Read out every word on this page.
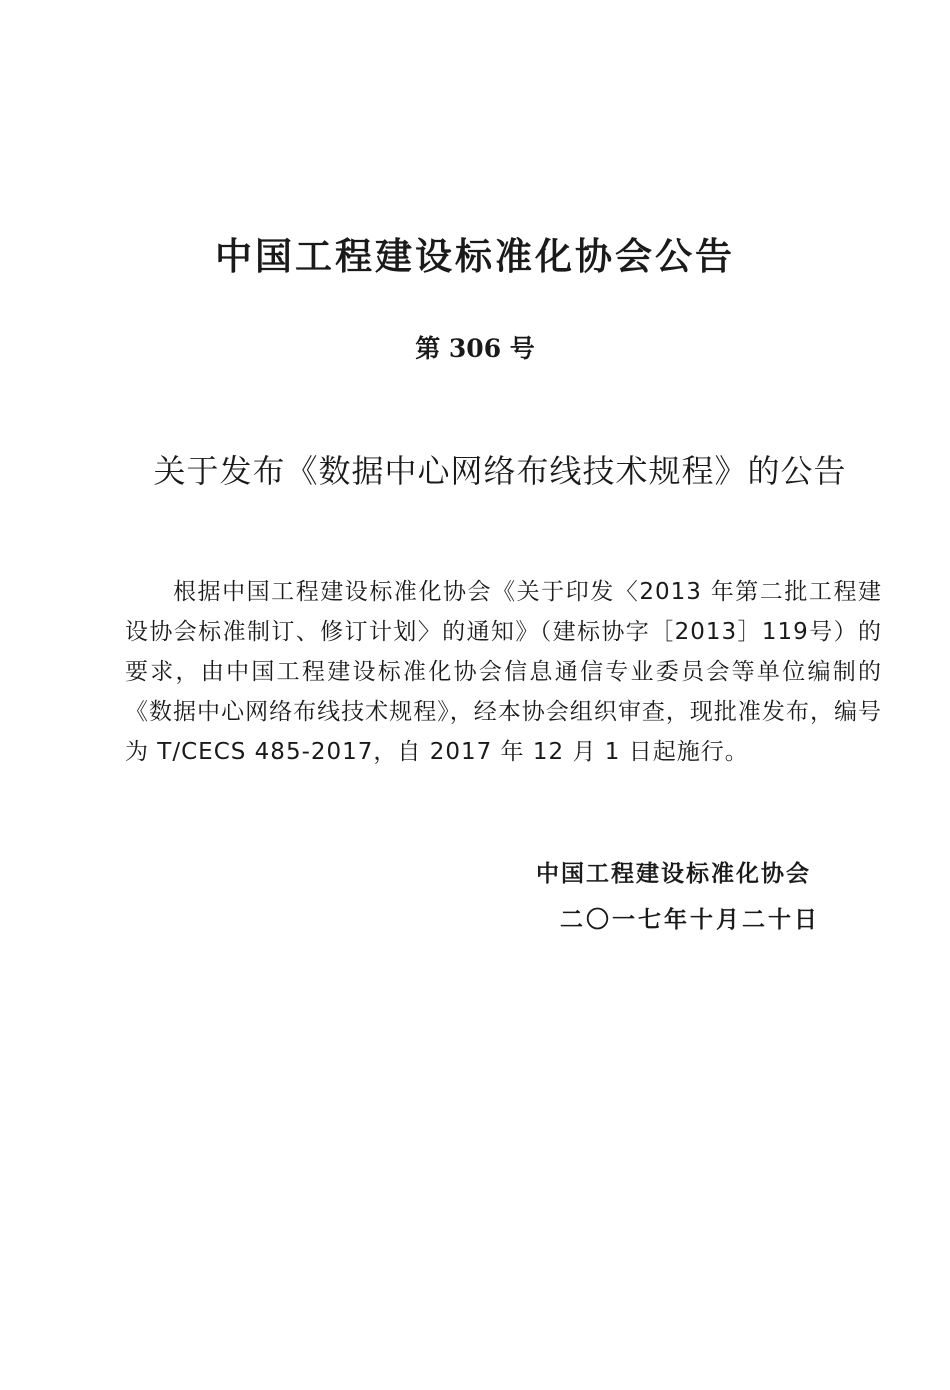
中国工程建设标准化协会公告
第 306 号
关于发布《数据中心网络布线技术规程》的公告

根据中国工程建设标准化协会《关于印发〈2013 年第二批工程建设协会标准制订、修订计划〉的通知》（建标协字［2013］119号）的要求，由中国工程建设标准化协会信息通信专业委员会等单位编制的《数据中心网络布线技术规程》，经本协会组织审查，现批准发布，编号为 T/CECS 485-2017，自 2017 年 12 月 1 日起施行。

中国工程建设标准化协会
二〇一七年十月二十日
